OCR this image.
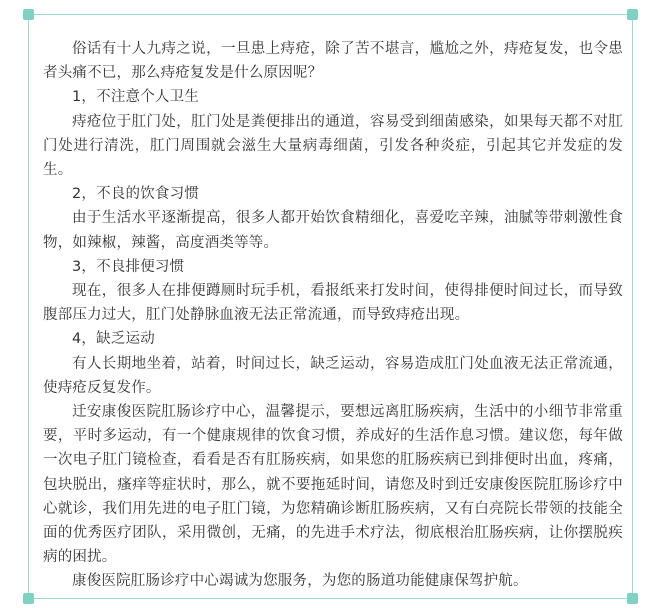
俗话有十人九痔之说，一旦患上痔疮，除了苦不堪言，尴尬之外，痔疮复发，也令患者头痛不已，那么痔疮复发是什么原因呢？

1，不注意个人卫生

痔疮位于肛门处，肛门处是粪便排出的通道，容易受到细菌感染，如果每天都不对肛门处进行清洗，肛门周围就会滋生大量病毒细菌，引发各种炎症，引起其它并发症的发生。

2，不良的饮食习惯

由于生活水平逐渐提高，很多人都开始饮食精细化，喜爱吃辛辣，油腻等带刺激性食物，如辣椒，辣酱，高度酒类等等。

3，不良排便习惯

现在，很多人在排便蹲厕时玩手机，看报纸来打发时间，使得排便时间过长，而导致腹部压力过大，肛门处静脉血液无法正常流通，而导致痔疮出现。

4，缺乏运动

有人长期地坐着，站着，时间过长，缺乏运动，容易造成肛门处血液无法正常流通，使痔疮反复发作。

迁安康俊医院肛肠诊疗中心，温馨提示，要想远离肛肠疾病，生活中的小细节非常重要，平时多运动，有一个健康规律的饮食习惯，养成好的生活作息习惯。建议您，每年做一次电子肛门镜检查，看看是否有肛肠疾病，如果您的肛肠疾病已到排便时出血，疼痛，包块脱出，瘙痒等症状时，那么，就不要拖延时间，请您及时到迁安康俊医院肛肠诊疗中心就诊，我们用先进的电子肛门镜，为您精确诊断肛肠疾病，又有白亮院长带领的技能全面的优秀医疗团队，采用微创，无痛，的先进手术疗法，彻底根治肛肠疾病，让你摆脱疾病的困扰。

康俊医院肛肠诊疗中心竭诚为您服务，为您的肠道功能健康保驾护航。
